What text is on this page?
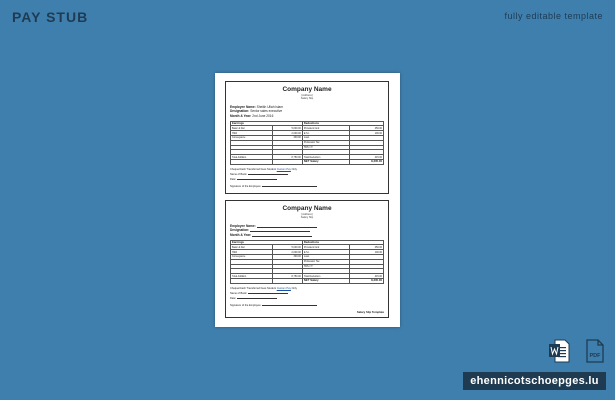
PAY STUB	fully editable template
Company Name
[Address]
Salary Slip
Employee Name: Sheikh Ullah Islam
Designation: Senior sales executive
Month & Year: 2nd June 2016
Earnings		Deductions	
Basic & Dar	5,000.00	Provident fund	450.00
HRA	2,000.00	E.S.I.	100.00
Conveyance	300.00	Loan	
		Profession Tax	
		TDS / IT	

Total Addition	8,750.00	Total Deduction	415.00
		NET Salary	8,335.00
Cheque/Cash Transferred Fees Student Custom Pay Only
Name of Bank:
Date:
Signature of the Employee:
Company Name
[Address]
Salary Slip
Employee Name:
Designation:
Month & Year:
Earnings		Deductions	
Basic & Dar	5,000.00	Provident fund	450.00
HRA	2,000.00	E.S.I.	100.00
Conveyance	300.00	Loan	
		Profession Tax	
		TDS / IT	

Total Addition	8,750.00	Total Deduction	415.00
		NET Salary	8,335.00
Cheque/Cash Transferred Fees Student Custom Pay Only
Name of Bank:
Date:
Signature of the Employee:
Salary Slip Template
PDF
ehennicotschoepges.lu
